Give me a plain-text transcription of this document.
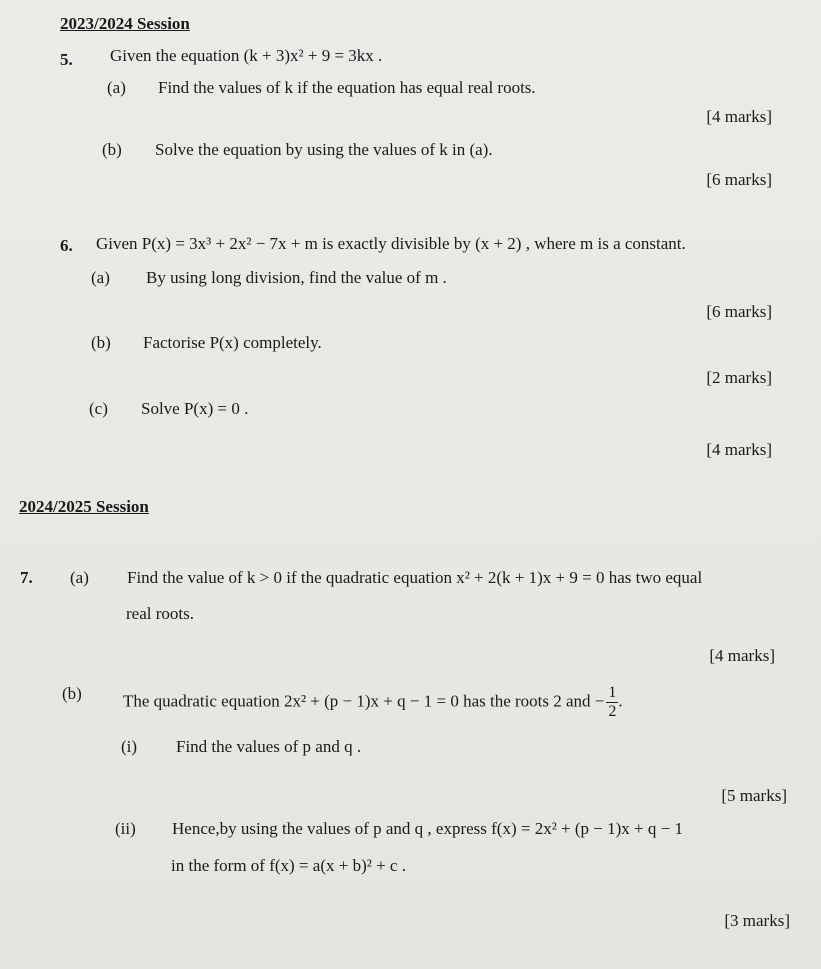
2023/2024 Session
5. Given the equation (k + 3)x² + 9 = 3kx .
(a) Find the values of k if the equation has equal real roots.
[4 marks]
(b) Solve the equation by using the values of k in (a).
[6 marks]
6. Given P(x) = 3x³ + 2x² − 7x + m is exactly divisible by (x + 2) , where m is a constant.
(a) By using long division, find the value of m .
[6 marks]
(b) Factorise P(x) completely.
[2 marks]
(c) Solve P(x) = 0 .
[4 marks]
2024/2025 Session
7. (a) Find the value of k > 0 if the quadratic equation x² + 2(k + 1)x + 9 = 0 has two equal
real roots.
[4 marks]
(b) The quadratic equation 2x² + (p − 1)x + q − 1 = 0 has the roots 2 and − $\frac{1}{2}$ .
(i) Find the values of p and q .
[5 marks]
(ii) Hence,by using the values of p and q , express f(x) = 2x² + (p − 1)x + q − 1
in the form of f(x) = a(x + b)² + c .
[3 marks]
